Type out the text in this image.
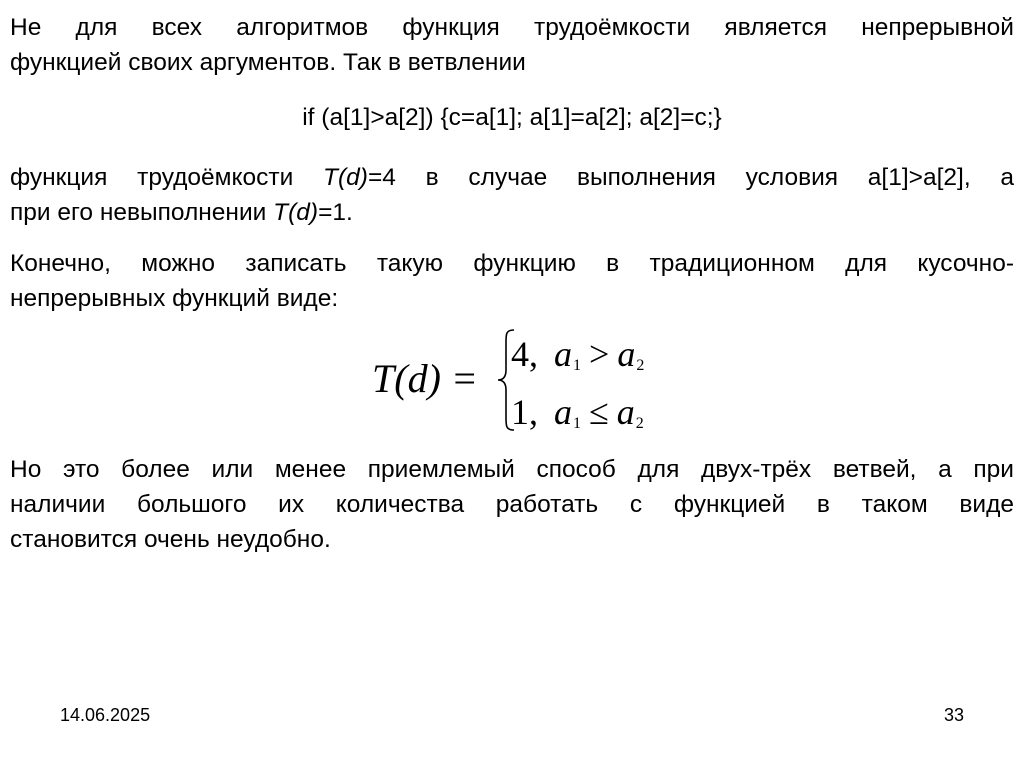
Не для всех алгоритмов функция трудоёмкости является непрерывной
функцией своих аргументов. Так в ветвлении
if (a[1]>a[2]) {c=a[1]; a[1]=a[2]; a[2]=c;}
функция трудоёмкости T(d)=4 в случае выполнения условия a[1]>a[2], а
при его невыполнении T(d)=1.
Конечно, можно записать такую функцию в традиционном для кусочно-
непрерывных функций виде:
T(d) =
4, $a_1 > a_2$
1, $a_1 \le a_2$
Но это более или менее приемлемый способ для двух-трёх ветвей, а при
наличии большого их количества работать с функцией в таком виде
становится очень неудобно.
14.06.2025	33
